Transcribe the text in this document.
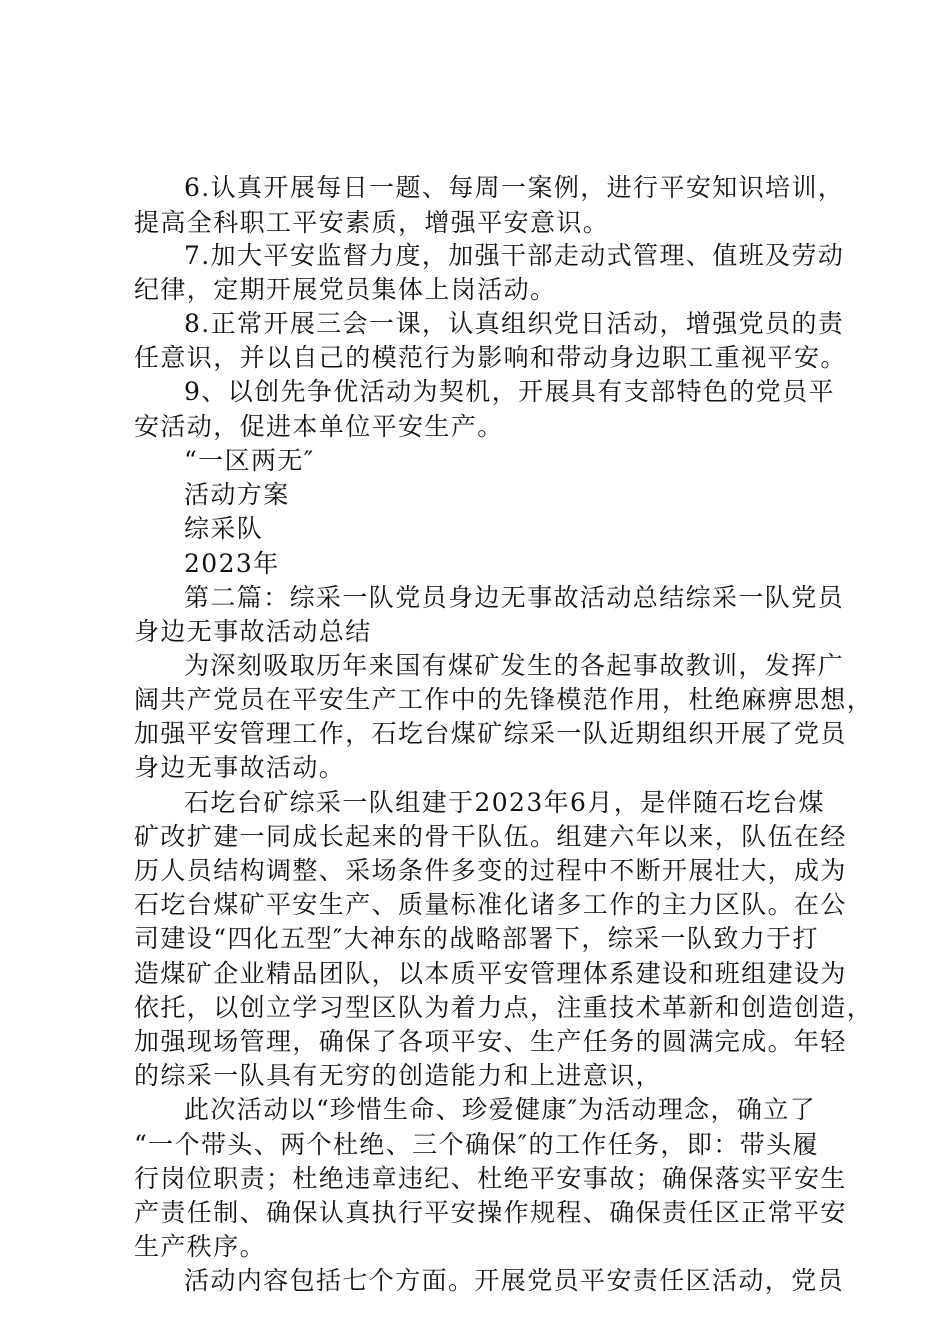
6.认真开展每日一题、每周一案例，进行平安知识培训，
提高全科职工平安素质，增强平安意识。
7.加大平安监督力度，加强干部走动式管理、值班及劳动
纪律，定期开展党员集体上岗活动。
8.正常开展三会一课，认真组织党日活动，增强党员的责
任意识，并以自己的模范行为影响和带动身边职工重视平安。
9、以创先争优活动为契机，开展具有支部特色的党员平
安活动，促进本单位平安生产。
“一区两无″
活动方案
综采队
2023年
第二篇：综采一队党员身边无事故活动总结综采一队党员
身边无事故活动总结
为深刻吸取历年来国有煤矿发生的各起事故教训，发挥广
阔共产党员在平安生产工作中的先锋模范作用，杜绝麻痹思想，
加强平安管理工作，石圪台煤矿综采一队近期组织开展了党员
身边无事故活动。
石圪台矿综采一队组建于2023年6月，是伴随石圪台煤
矿改扩建一同成长起来的骨干队伍。组建六年以来，队伍在经
历人员结构调整、采场条件多变的过程中不断开展壮大，成为
石圪台煤矿平安生产、质量标准化诸多工作的主力区队。在公
司建设“四化五型″大神东的战略部署下，综采一队致力于打
造煤矿企业精品团队，以本质平安管理体系建设和班组建设为
依托，以创立学习型区队为着力点，注重技术革新和创造创造，
加强现场管理，确保了各项平安、生产任务的圆满完成。年轻
的综采一队具有无穷的创造能力和上进意识，
此次活动以“珍惜生命、珍爱健康″为活动理念，确立了
“一个带头、两个杜绝、三个确保″的工作任务，即：带头履
行岗位职责；杜绝违章违纪、杜绝平安事故；确保落实平安生
产责任制、确保认真执行平安操作规程、确保责任区正常平安
生产秩序。
活动内容包括七个方面。开展党员平安责任区活动，党员
